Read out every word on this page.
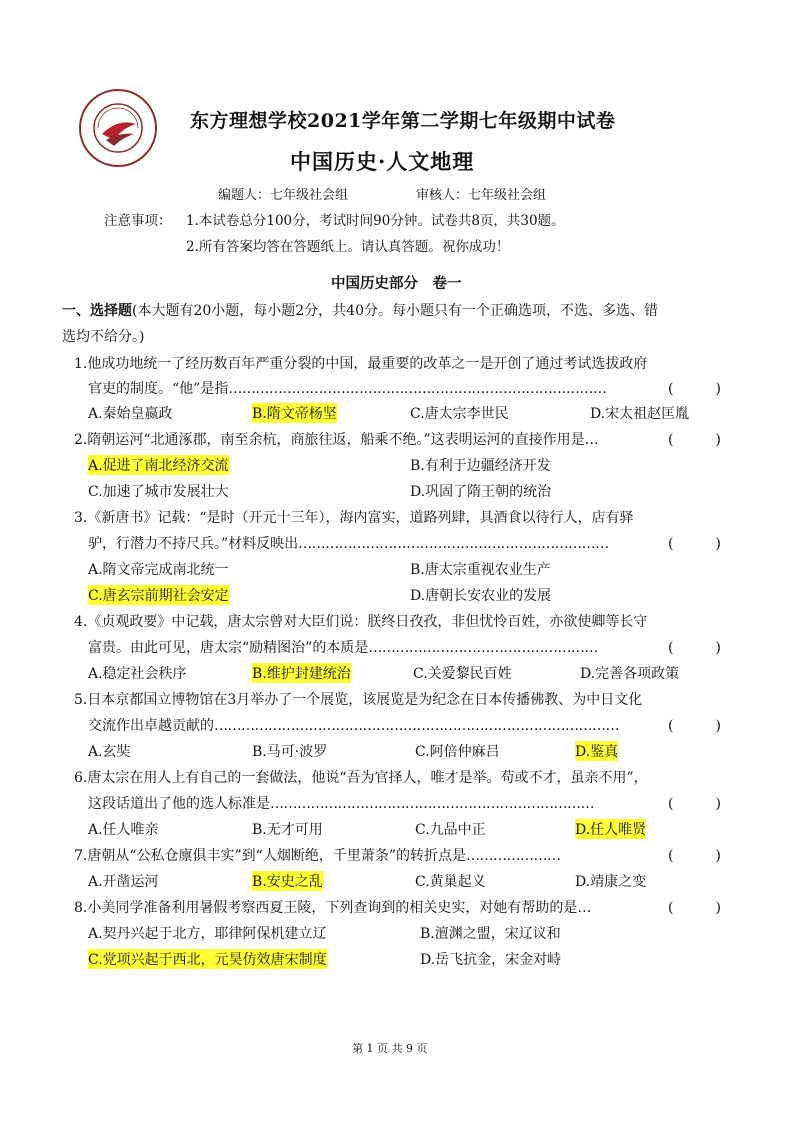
东方理想学校2021学年第二学期七年级期中试卷
中国历史·人文地理
编题人：七年级社会组	审核人：七年级社会组
注意事项： 1.本试卷总分100分，考试时间90分钟。试卷共8页，共30题。
2.所有答案均答在答题纸上。请认真答题。祝你成功！
中国历史部分　卷一
一、选择题(本大题有20小题，每小题2分，共40分。每小题只有一个正确选项，不选、多选、错
选均不给分。)
1.他成功地统一了经历数百年严重分裂的中国，最重要的改革之一是开创了通过考试选拔政府
官吏的制度。“他”是指…………………………………………………………………………	(　　　)
A.秦始皇嬴政	B.隋文帝杨坚	C.唐太宗李世民	D.宋太祖赵匡胤
2.隋朝运河“北通涿郡，南至余杭，商旅往返，船乘不绝。”这表明运河的直接作用是…	(　　　)
A.促进了南北经济交流	B.有利于边疆经济开发
C.加速了城市发展壮大	D.巩固了隋王朝的统治
3.《新唐书》记载：“是时（开元十三年），海内富实，道路列肆，具酒食以待行人，店有驿
驴，行潜力不持尺兵。”材料反映出……………………………………………………………	(　　　)
A.隋文帝完成南北统一	B.唐太宗重视农业生产
C.唐玄宗前期社会安定	D.唐朝长安农业的发展
4.《贞观政要》中记载，唐太宗曾对大臣们说：朕终日孜孜，非但忧怜百姓，亦欲使卿等长守
富贵。由此可见，唐太宗“励精图治”的本质是……………………………………………	(　　　)
A.稳定社会秩序	B.维护封建统治	C.关爱黎民百姓	D.完善各项政策
5.日本京都国立博物馆在3月举办了一个展览，该展览是为纪念在日本传播佛教、为中日文化
交流作出卓越贡献的………………………………………………………………………………	(　　　)
A.玄奘	B.马可·波罗	C.阿倍仲麻吕	D.鉴真
6.唐太宗在用人上有自己的一套做法，他说“吾为官择人，唯才是举。苟或不才，虽亲不用”，
这段话道出了他的选人标准是………………………………………………………………	(　　　)
A.任人唯亲	B.无才可用	C.九品中正	D.任人唯贤
7.唐朝从“公私仓廪俱丰实”到“人烟断绝，千里萧条”的转折点是…………………	(　　　)
A.开凿运河	B.安史之乱	C.黄巢起义	D.靖康之变
8.小美同学准备利用暑假考察西夏王陵，下列查询到的相关史实，对她有帮助的是…	(　　　)
A.契丹兴起于北方，耶律阿保机建立辽	B.澶渊之盟，宋辽议和
C.党项兴起于西北，元昊仿效唐宋制度	D.岳飞抗金，宋金对峙
第 1 页 共 9 页
